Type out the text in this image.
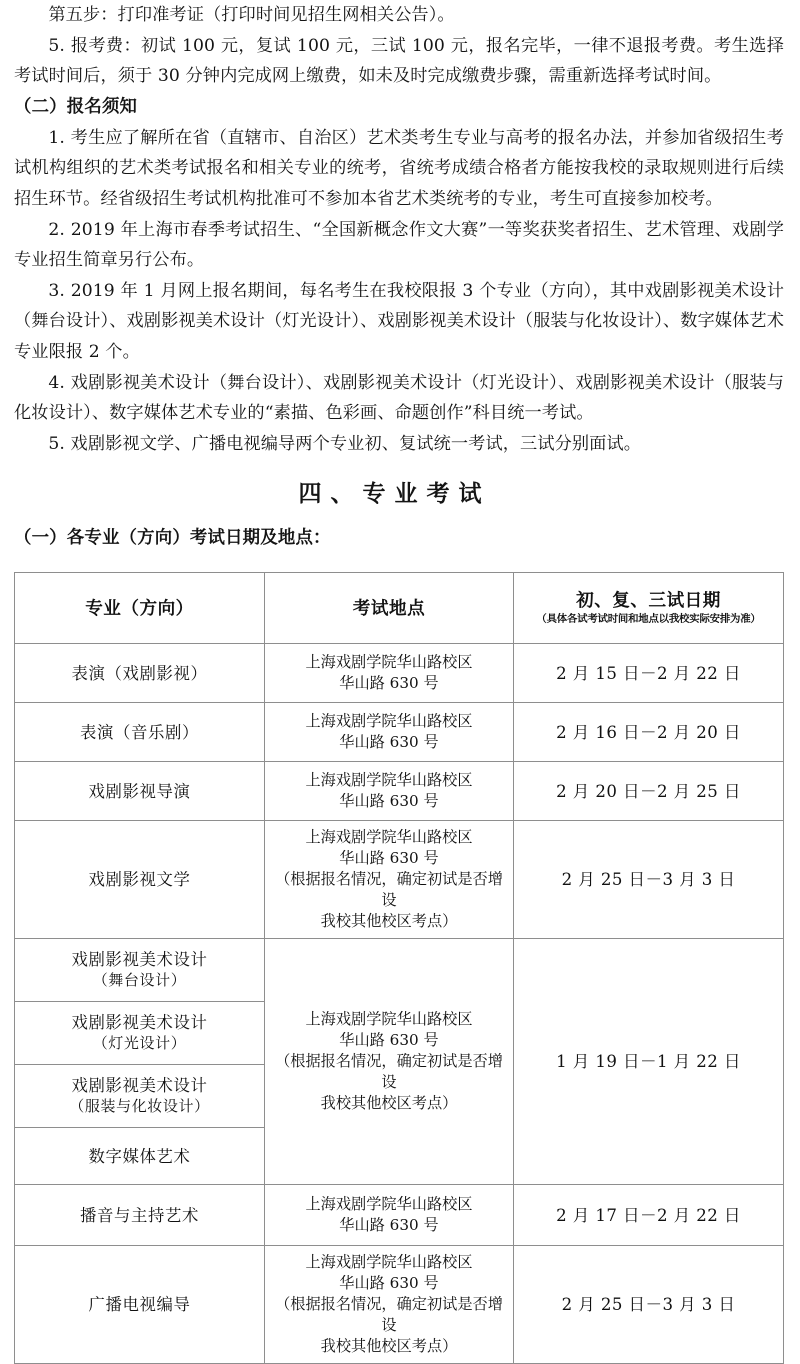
第五步：打印准考证（打印时间见招生网相关公告）。

5. 报考费：初试 100 元，复试 100 元，三试 100 元，报名完毕，一律不退报考费。考生选择考试时间后，须于 30 分钟内完成网上缴费，如未及时完成缴费步骤，需重新选择考试时间。

（二）报名须知

1. 考生应了解所在省（直辖市、自治区）艺术类考生专业与高考的报名办法，并参加省级招生考试机构组织的艺术类考试报名和相关专业的统考，省统考成绩合格者方能按我校的录取规则进行后续招生环节。经省级招生考试机构批准可不参加本省艺术类统考的专业，考生可直接参加校考。

2. 2019 年上海市春季考试招生、“全国新概念作文大赛”一等奖获奖者招生、艺术管理、戏剧学专业招生简章另行公布。

3. 2019 年 1 月网上报名期间，每名考生在我校限报 3 个专业（方向），其中戏剧影视美术设计（舞台设计）、戏剧影视美术设计（灯光设计）、戏剧影视美术设计（服装与化妆设计）、数字媒体艺术专业限报 2 个。

4. 戏剧影视美术设计（舞台设计）、戏剧影视美术设计（灯光设计）、戏剧影视美术设计（服装与化妆设计）、数字媒体艺术专业的“素描、色彩画、命题创作”科目统一考试。

5. 戏剧影视文学、广播电视编导两个专业初、复试统一考试，三试分别面试。

四、专业考试

（一）各专业（方向）考试日期及地点：

专业（方向）	考试地点	初、复、三试日期
（具体各试考试时间和地点以我校实际安排为准）

表演（戏剧影视）	上海戏剧学院华山路校区
华山路 630 号	2 月 15 日－2 月 22 日
表演（音乐剧）	上海戏剧学院华山路校区
华山路 630 号	2 月 16 日－2 月 20 日
戏剧影视导演	上海戏剧学院华山路校区
华山路 630 号	2 月 20 日－2 月 25 日
戏剧影视文学	上海戏剧学院华山路校区
华山路 630 号
（根据报名情况，确定初试是否增设
我校其他校区考点）	2 月 25 日－3 月 3 日
戏剧影视美术设计
（舞台设计）	上海戏剧学院华山路校区
华山路 630 号
（根据报名情况，确定初试是否增设
我校其他校区考点）	1 月 19 日－1 月 22 日
戏剧影视美术设计
（灯光设计）		

戏剧影视美术设计
（服装与化妆设计）		

数字媒体艺术		
播音与主持艺术	上海戏剧学院华山路校区
华山路 630 号	2 月 17 日－2 月 22 日
广播电视编导	上海戏剧学院华山路校区
华山路 630 号
（根据报名情况，确定初试是否增设
我校其他校区考点）	2 月 25 日－3 月 3 日
